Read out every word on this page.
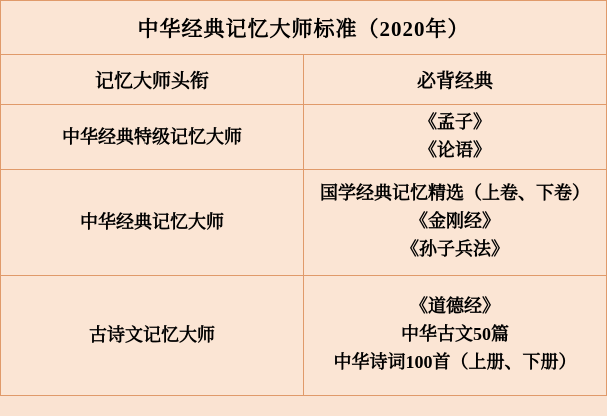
中华经典记忆大师标准（2020年）	
记忆大师头衔	必背经典
中华经典特级记忆大师	《孟子》
《论语》

中华经典记忆大师	国学经典记忆精选（上卷、下卷）
《金刚经》
《孙子兵法》

古诗文记忆大师	《道德经》
中华古文50篇
中华诗词100首（上册、下册）
